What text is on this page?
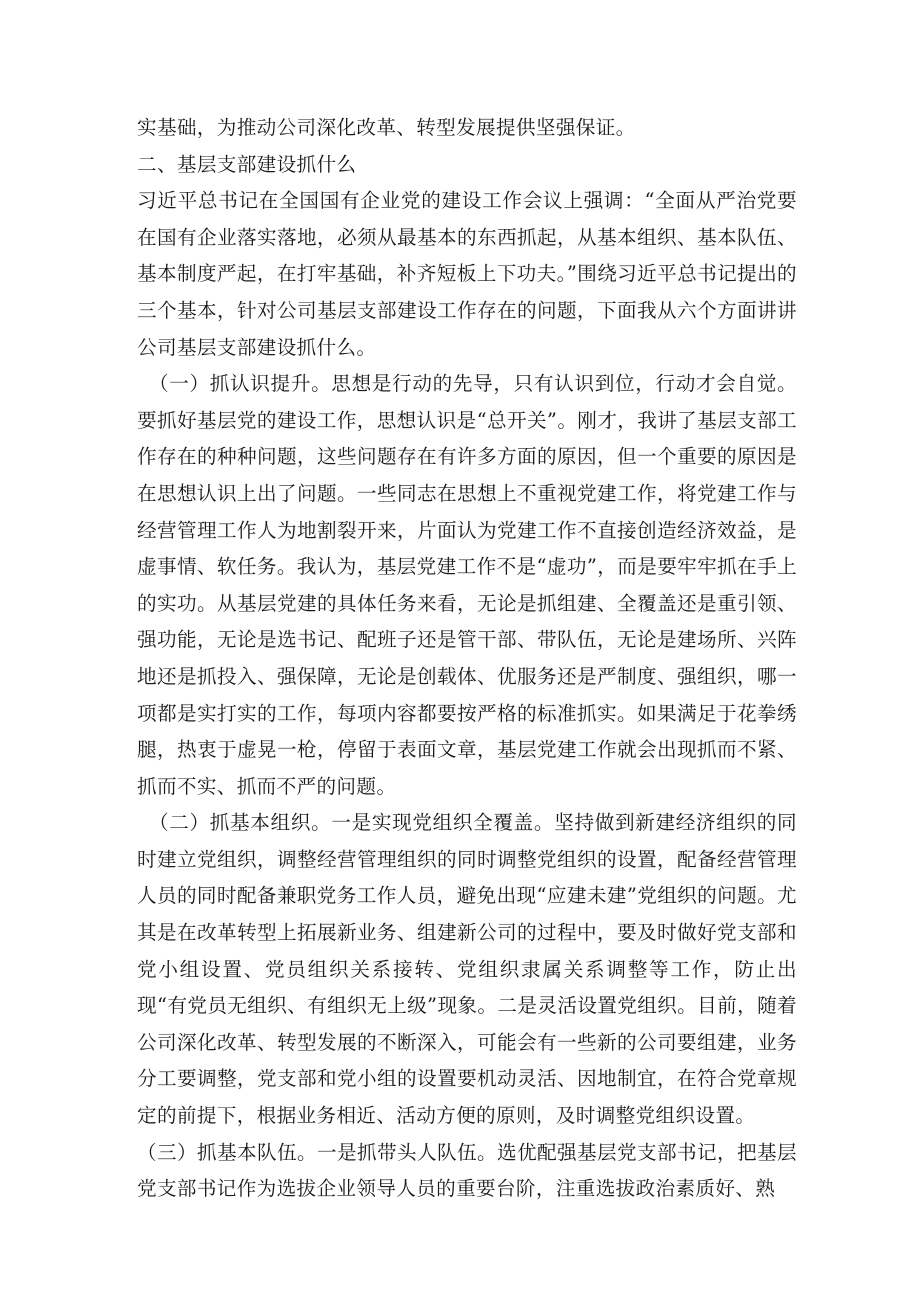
实基础，为推动公司深化改革、转型发展提供坚强保证。

二、基层支部建设抓什么

习近平总书记在全国国有企业党的建设工作会议上强调：“全面从严治党要在国有企业落实落地，必须从最基本的东西抓起，从基本组织、基本队伍、基本制度严起，在打牢基础，补齐短板上下功夫。”围绕习近平总书记提出的三个基本，针对公司基层支部建设工作存在的问题，下面我从六个方面讲讲公司基层支部建设抓什么。

（一）抓认识提升。思想是行动的先导，只有认识到位，行动才会自觉。要抓好基层党的建设工作，思想认识是“总开关”。刚才，我讲了基层支部工作存在的种种问题，这些问题存在有许多方面的原因，但一个重要的原因是在思想认识上出了问题。一些同志在思想上不重视党建工作，将党建工作与经营管理工作人为地割裂开来，片面认为党建工作不直接创造经济效益，是虚事情、软任务。我认为，基层党建工作不是“虚功”，而是要牢牢抓在手上的实功。从基层党建的具体任务来看，无论是抓组建、全覆盖还是重引领、强功能，无论是选书记、配班子还是管干部、带队伍，无论是建场所、兴阵地还是抓投入、强保障，无论是创载体、优服务还是严制度、强组织，哪一项都是实打实的工作，每项内容都要按严格的标准抓实。如果满足于花拳绣腿，热衷于虚晃一枪，停留于表面文章，基层党建工作就会出现抓而不紧、抓而不实、抓而不严的问题。

（二）抓基本组织。一是实现党组织全覆盖。坚持做到新建经济组织的同时建立党组织，调整经营管理组织的同时调整党组织的设置，配备经营管理人员的同时配备兼职党务工作人员，避免出现“应建未建”党组织的问题。尤其是在改革转型上拓展新业务、组建新公司的过程中，要及时做好党支部和党小组设置、党员组织关系接转、党组织隶属关系调整等工作，防止出现“有党员无组织、有组织无上级”现象。二是灵活设置党组织。目前，随着公司深化改革、转型发展的不断深入，可能会有一些新的公司要组建，业务分工要调整，党支部和党小组的设置要机动灵活、因地制宜，在符合党章规定的前提下，根据业务相近、活动方便的原则，及时调整党组织设置。

（三）抓基本队伍。一是抓带头人队伍。选优配强基层党支部书记，把基层党支部书记作为选拔企业领导人员的重要台阶，注重选拔政治素质好、熟
